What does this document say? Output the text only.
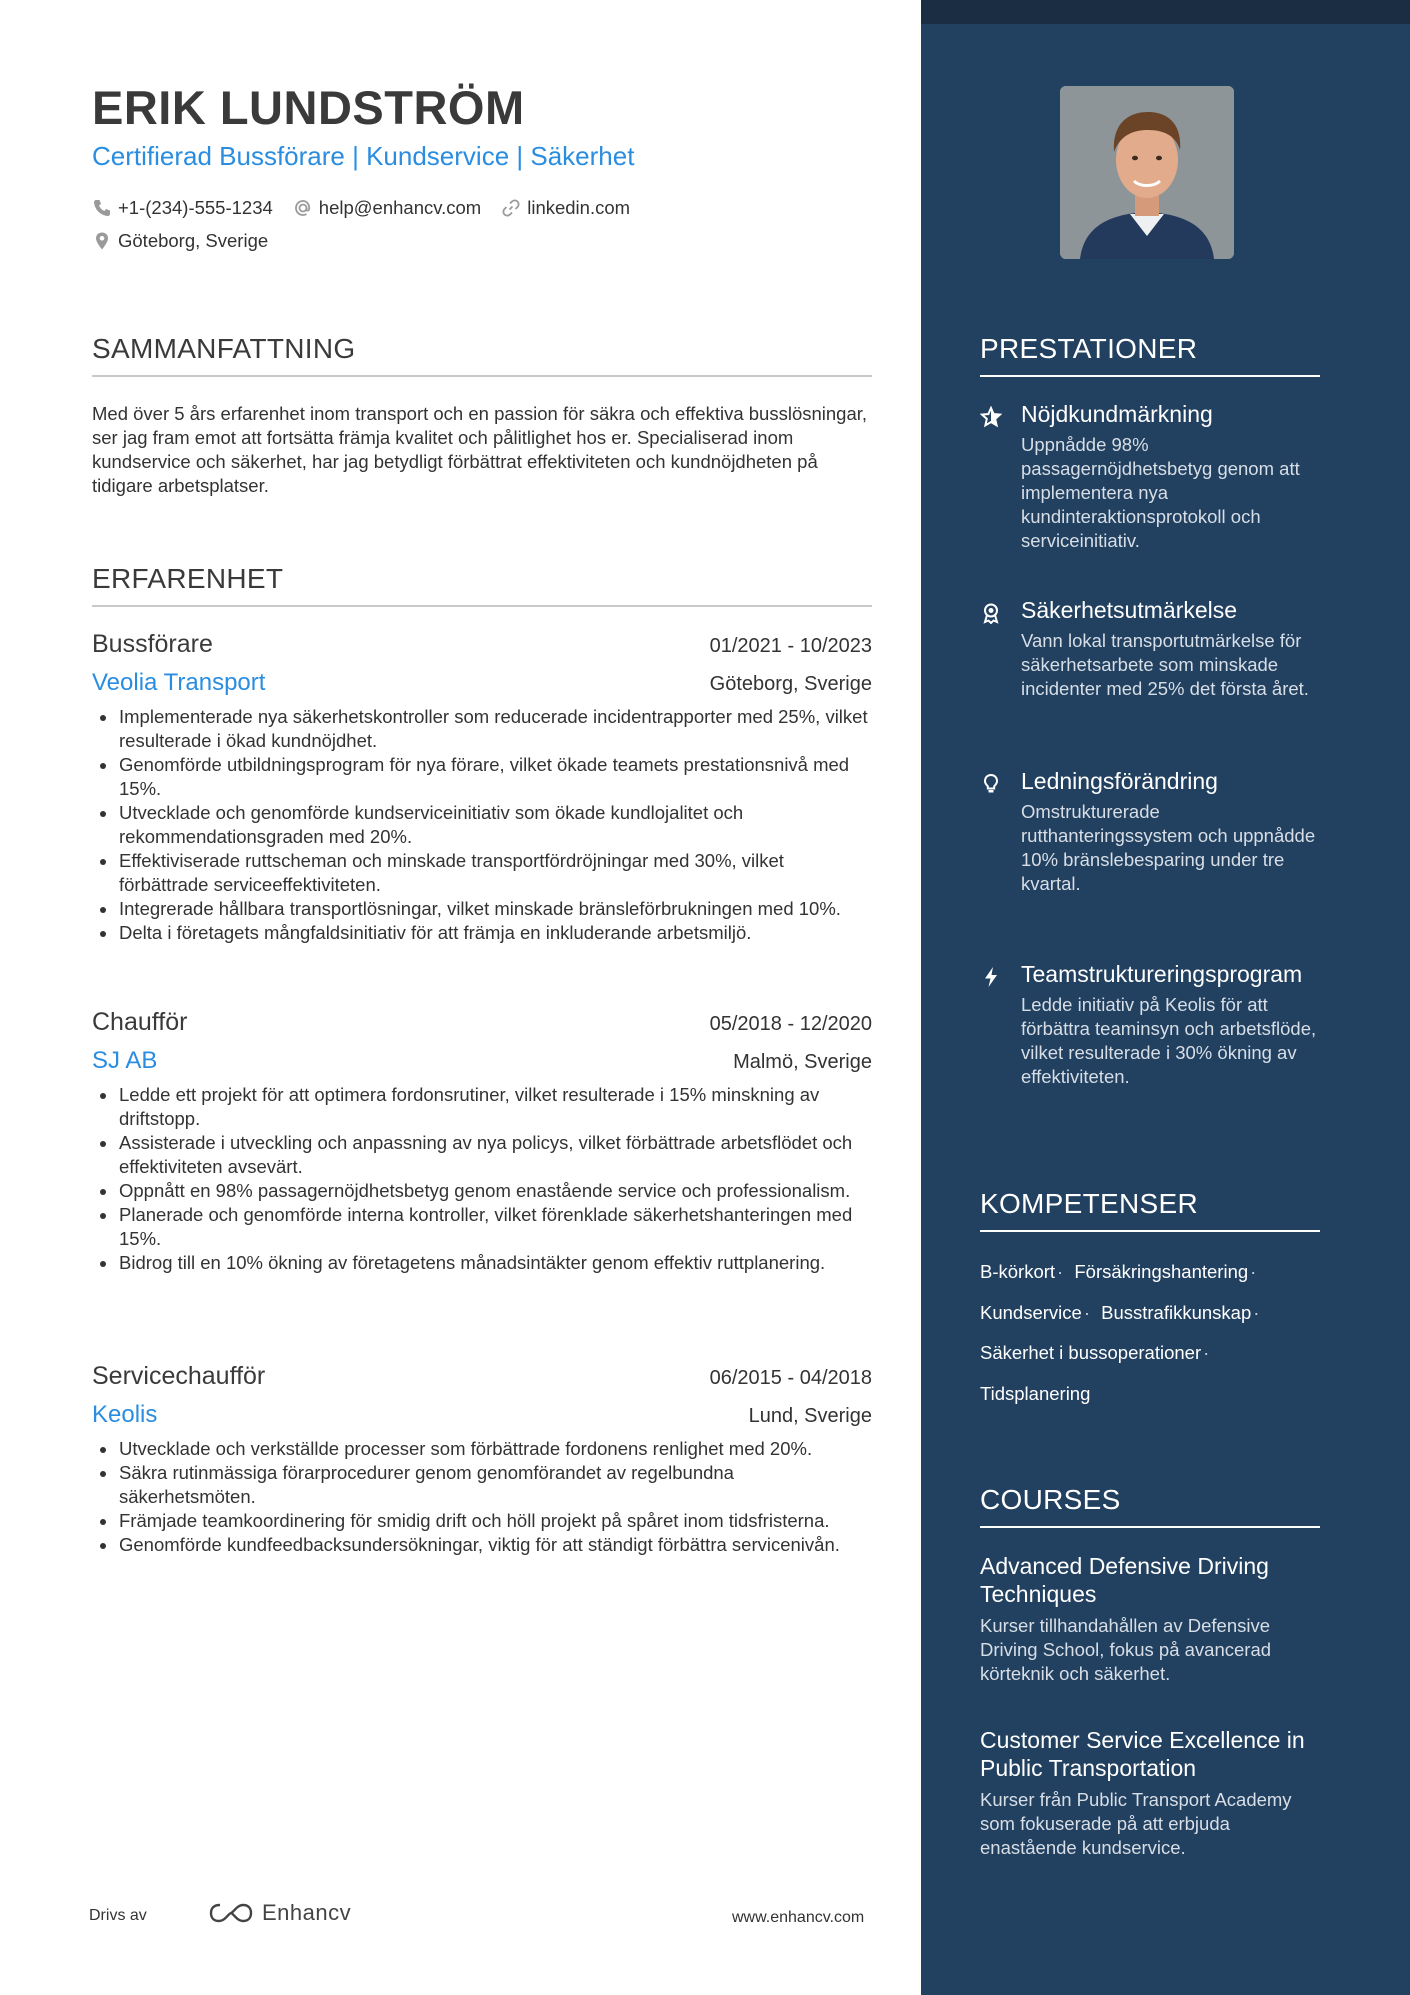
ERIK LUNDSTRÖM
Certifierad Bussförare | Kundservice | Säkerhet
+1-(234)-555-1234 help@enhancv.com linkedin.com
Göteborg, Sverige
SAMMANFATTNING
Med över 5 års erfarenhet inom transport och en passion för säkra och effektiva busslösningar, ser jag fram emot att fortsätta främja kvalitet och pålitlighet hos er. Specialiserad inom kundservice och säkerhet, har jag betydligt förbättrat effektiviteten och kundnöjdheten på tidigare arbetsplatser.
ERFARENHET
Bussförare	01/2021 - 10/2023
Veolia Transport	Göteborg, Sverige
Implementerade nya säkerhetskontroller som reducerade incidentrapporter med 25%, vilket resulterade i ökad kundnöjdhet.
Genomförde utbildningsprogram för nya förare, vilket ökade teamets prestationsnivå med 15%.
Utvecklade och genomförde kundserviceinitiativ som ökade kundlojalitet och rekommendationsgraden med 20%.
Effektiviserade ruttscheman och minskade transportfördröjningar med 30%, vilket förbättrade serviceeffektiviteten.
Integrerade hållbara transportlösningar, vilket minskade bränsleförbrukningen med 10%.
Delta i företagets mångfaldsinitiativ för att främja en inkluderande arbetsmiljö.
Chaufför	05/2018 - 12/2020
SJ AB	Malmö, Sverige
Ledde ett projekt för att optimera fordonsrutiner, vilket resulterade i 15% minskning av driftstopp.
Assisterade i utveckling och anpassning av nya policys, vilket förbättrade arbetsflödet och effektiviteten avsevärt.
Oppnått en 98% passagernöjdhetsbetyg genom enastående service och professionalism.
Planerade och genomförde interna kontroller, vilket förenklade säkerhetshanteringen med 15%.
Bidrog till en 10% ökning av företagetens månadsintäkter genom effektiv ruttplanering.
Servicechaufför	06/2015 - 04/2018
Keolis	Lund, Sverige
Utvecklade och verkställde processer som förbättrade fordonens renlighet med 20%.
Säkra rutinmässiga förarprocedurer genom genomförandet av regelbundna säkerhetsmöten.
Främjade teamkoordinering för smidig drift och höll projekt på spåret inom tidsfristerna.
Genomförde kundfeedbacksundersökningar, viktig för att ständigt förbättra servicenivån.
Drivs av	Enhancv	www.enhancv.com
PRESTATIONER
Nöjdkundmärkning
Uppnådde 98% passagernöjdhetsbetyg genom att implementera nya kundinteraktionsprotokoll och serviceinitiativ.
Säkerhetsutmärkelse
Vann lokal transportutmärkelse för säkerhetsarbete som minskade incidenter med 25% det första året.
Ledningsförändring
Omstrukturerade rutthanteringssystem och uppnådde 10% bränslebesparing under tre kvartal.
Teamstruktureringsprogram
Ledde initiativ på Keolis för att förbättra teaminsyn och arbetsflöde, vilket resulterade i 30% ökning av effektiviteten.
KOMPETENSER
B-körkort · Försäkringshantering ·
Kundservice · Busstrafikkunskap ·
Säkerhet i bussoperationer ·
Tidsplanering
COURSES
Advanced Defensive Driving Techniques
Kurser tillhandahållen av Defensive Driving School, fokus på avancerad körteknik och säkerhet.
Customer Service Excellence in Public Transportation
Kurser från Public Transport Academy som fokuserade på att erbjuda enastående kundservice.
